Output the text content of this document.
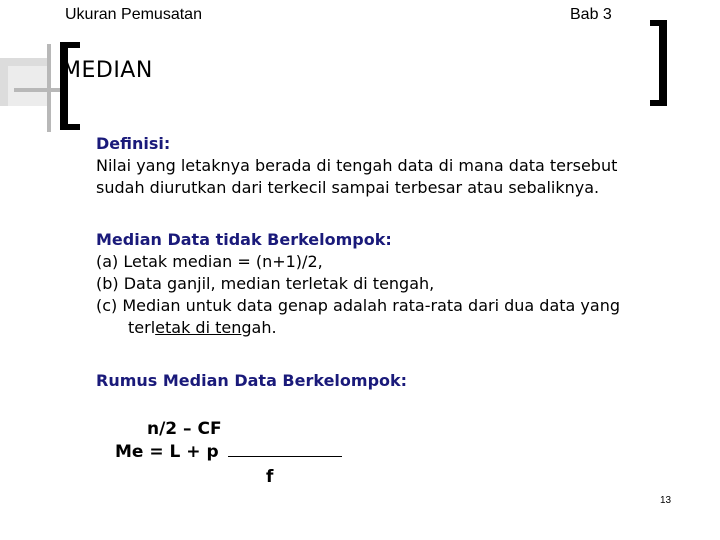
Ukuran Pemusatan	Bab 3
MEDIAN
Definisi:
Nilai yang letaknya berada di tengah data di mana data tersebut
sudah diurutkan dari terkecil sampai terbesar atau sebaliknya.
Median Data tidak Berkelompok:
(a) Letak median = (n+1)/2,
(b) Data ganjil, median terletak di tengah,
(c) Median untuk data genap adalah rata-rata dari dua data yang
terletak di tengah.
Rumus Median Data Berkelompok:
n/2 – CF
Me = L + p
f
13
